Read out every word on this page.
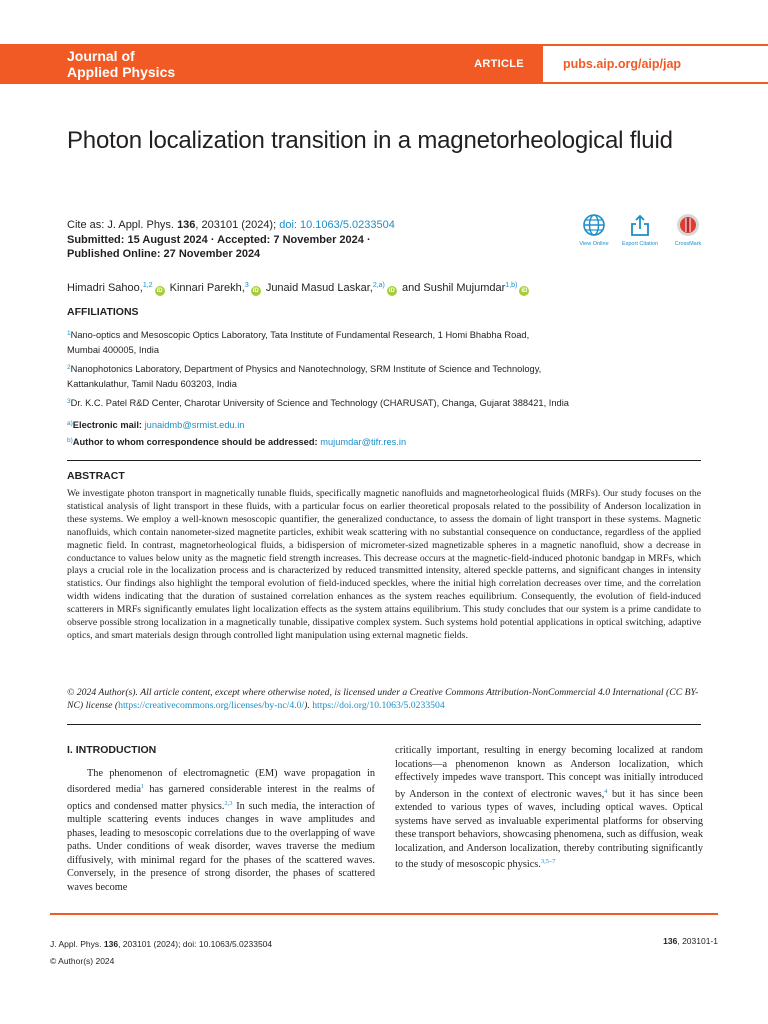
Journal of
Applied Physics	ARTICLE	pubs.aip.org/aip/jap
Photon localization transition in a magnetorheological fluid
Cite as: J. Appl. Phys. 136, 203101 (2024); doi: 10.1063/5.0233504
Submitted: 15 August 2024 · Accepted: 7 November 2024 ·
Published Online: 27 November 2024
View Online	Export Citation	CrossMark
Himadri Sahoo,$^{1,2}$iD Kinnari Parekh,$^3$iD Junaid Masud Laskar,$^{2,a)}$iD and Sushil Mujumdar$^{1,b)}$iD
AFFILIATIONS

$^1$Nano-optics and Mesoscopic Optics Laboratory, Tata Institute of Fundamental Research, 1 Homi Bhabha Road,
Mumbai 400005, India

$^2$Nanophotonics Laboratory, Department of Physics and Nanotechnology, SRM Institute of Science and Technology,
Kattankulathur, Tamil Nadu 603203, India

$^3$Dr. K.C. Patel R&D Center, Charotar University of Science and Technology (CHARUSAT), Changa, Gujarat 388421, India

$^{a)}$Electronic mail: junaidmb@srmist.edu.in
$^{b)}$Author to whom correspondence should be addressed: mujumdar@tifr.res.in
ABSTRACT
We investigate photon transport in magnetically tunable fluids, specifically magnetic nanofluids and magnetorheological fluids (MRFs). Our study focuses on the statistical analysis of light transport in these fluids, with a particular focus on earlier theoretical proposals related to the possibility of Anderson localization in these systems. We employ a well-known mesoscopic quantifier, the generalized conductance, to assess the domain of light transport in these systems. Magnetic nanofluids, which contain nanometer-sized magnetite particles, exhibit weak scattering with no substantial consequence on conductance, regardless of the applied magnetic field. In contrast, magnetorheological fluids, a bidispersion of micrometer-sized magnetizable spheres in a magnetic nanofluid, show a decrease in conductance to values below unity as the magnetic field strength increases. This decrease occurs at the magnetic-field-induced photonic bandgap in MRFs, which plays a crucial role in the localization process and is characterized by reduced transmitted intensity, altered speckle patterns, and significant changes in intensity statistics. Our findings also highlight the temporal evolution of field-induced speckles, where the initial high correlation decreases over time, and the correlation width widens indicating that the duration of sustained correlation enhances as the system reaches equilibrium. Consequently, the evolution of field-induced scatterers in MRFs significantly emulates light localization effects as the system attains equilibrium. This study concludes that our system is a prime candidate to observe possible strong localization in a magnetically tunable, dissipative complex system. Such systems hold potential applications in optical switching, adaptive optics, and smart materials design through controlled light manipulation using external magnetic fields.
© 2024 Author(s). All article content, except where otherwise noted, is licensed under a Creative Commons Attribution-NonCommercial 4.0 International (CC BY-NC) license (https://creativecommons.org/licenses/by-nc/4.0/). https://doi.org/10.1063/5.0233504
I. INTRODUCTION

The phenomenon of electromagnetic (EM) wave propagation in disordered media$^1$ has garnered considerable interest in the realms of optics and condensed matter physics.$^{2,3}$ In such media, the interaction of multiple scattering events induces changes in wave amplitudes and phases, leading to mesoscopic correlations due to the overlapping of wave paths. Under conditions of weak disorder, waves traverse the medium diffusively, with minimal regard for the phases of the scattered waves. Conversely, in the presence of strong disorder, the phases of scattered waves become

critically important, resulting in energy becoming localized at random locations—a phenomenon known as Anderson localization, which effectively impedes wave transport. This concept was initially introduced by Anderson in the context of electronic waves,$^4$ but it has since been extended to various types of waves, including optical waves. Optical systems have served as invaluable experimental platforms for observing these transport behaviors, showcasing phenomena, such as diffusion, weak localization, and Anderson localization, thereby contributing significantly to the study of mesoscopic physics.$^{3,5-7}$

J. Appl. Phys. 136, 203101 (2024); doi: 10.1063/5.0233504
© Author(s) 2024
136, 203101-1
